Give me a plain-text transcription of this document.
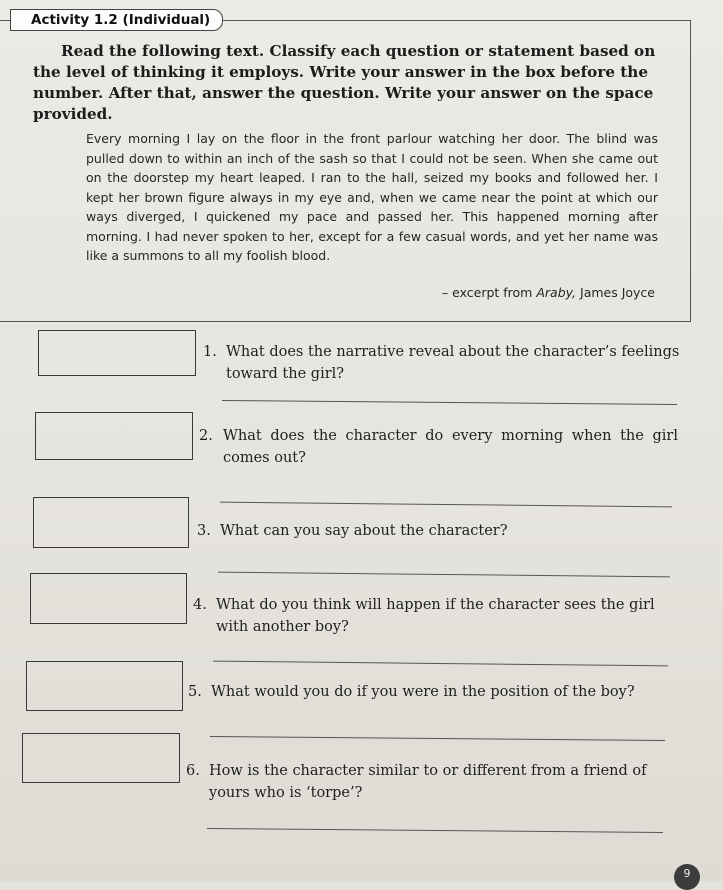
Activity 1.2 (Individual)
Read the following text. Classify each question or statement based on the level of thinking it employs. Write your answer in the box before the number. After that, answer the question. Write your answer on the space provided.

Every morning I lay on the floor in the front parlour watching her door. The blind was pulled down to within an inch of the sash so that I could not be seen. When she came out on the doorstep my heart leaped. I ran to the hall, seized my books and followed her. I kept her brown figure always in my eye and, when we came near the point at which our ways diverged, I quickened my pace and passed her. This happened morning after morning. I had never spoken to her, except for a few casual words, and yet her name was like a summons to all my foolish blood.

– excerpt from Araby, James Joyce
1. What does the narrative reveal about the character’s feelings toward the girl?
2. What does the character do every morning when the girl comes out?
3. What can you say about the character?
4. What do you think will happen if the character sees the girl with another boy?
5. What would you do if you were in the position of the boy?
6. How is the character similar to or different from a friend of yours who is ‘torpe’?
9
